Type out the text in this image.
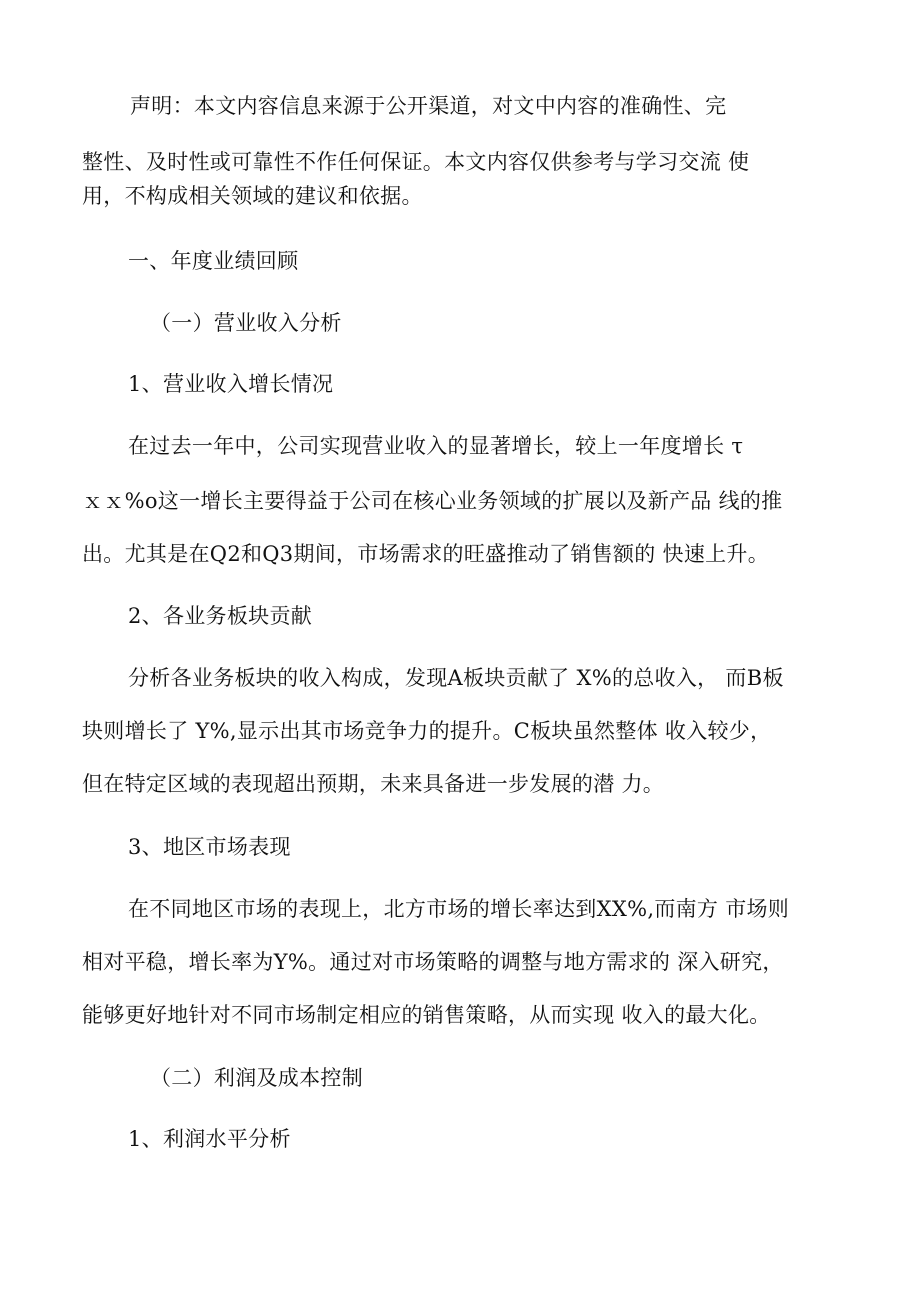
声明：本文内容信息来源于公开渠道，对文中内容的准确性、完
整性、及时性或可靠性不作任何保证。本文内容仅供参考与学习交流 使
用，不构成相关领域的建议和依据。
一、年度业绩回顾
（一）营业收入分析
1、营业收入增长情况
在过去一年中，公司实现营业收入的显著增长，较上一年度增长 τ
ｘｘ%o这一增长主要得益于公司在核心业务领域的扩展以及新产品 线的推
出。尤其是在Q2和Q3期间，市场需求的旺盛推动了销售额的 快速上升。
2、各业务板块贡献
分析各业务板块的收入构成，发现A板块贡献了 X%的总收入， 而B板
块则增长了 Y%,显示出其市场竞争力的提升。C板块虽然整体 收入较少，
但在特定区域的表现超出预期，未来具备进一步发展的潜 力。
3、地区市场表现
在不同地区市场的表现上，北方市场的增长率达到XX%,而南方 市场则
相对平稳，增长率为Y%。通过对市场策略的调整与地方需求的 深入研究，
能够更好地针对不同市场制定相应的销售策略，从而实现 收入的最大化。
（二）利润及成本控制
1、利润水平分析
